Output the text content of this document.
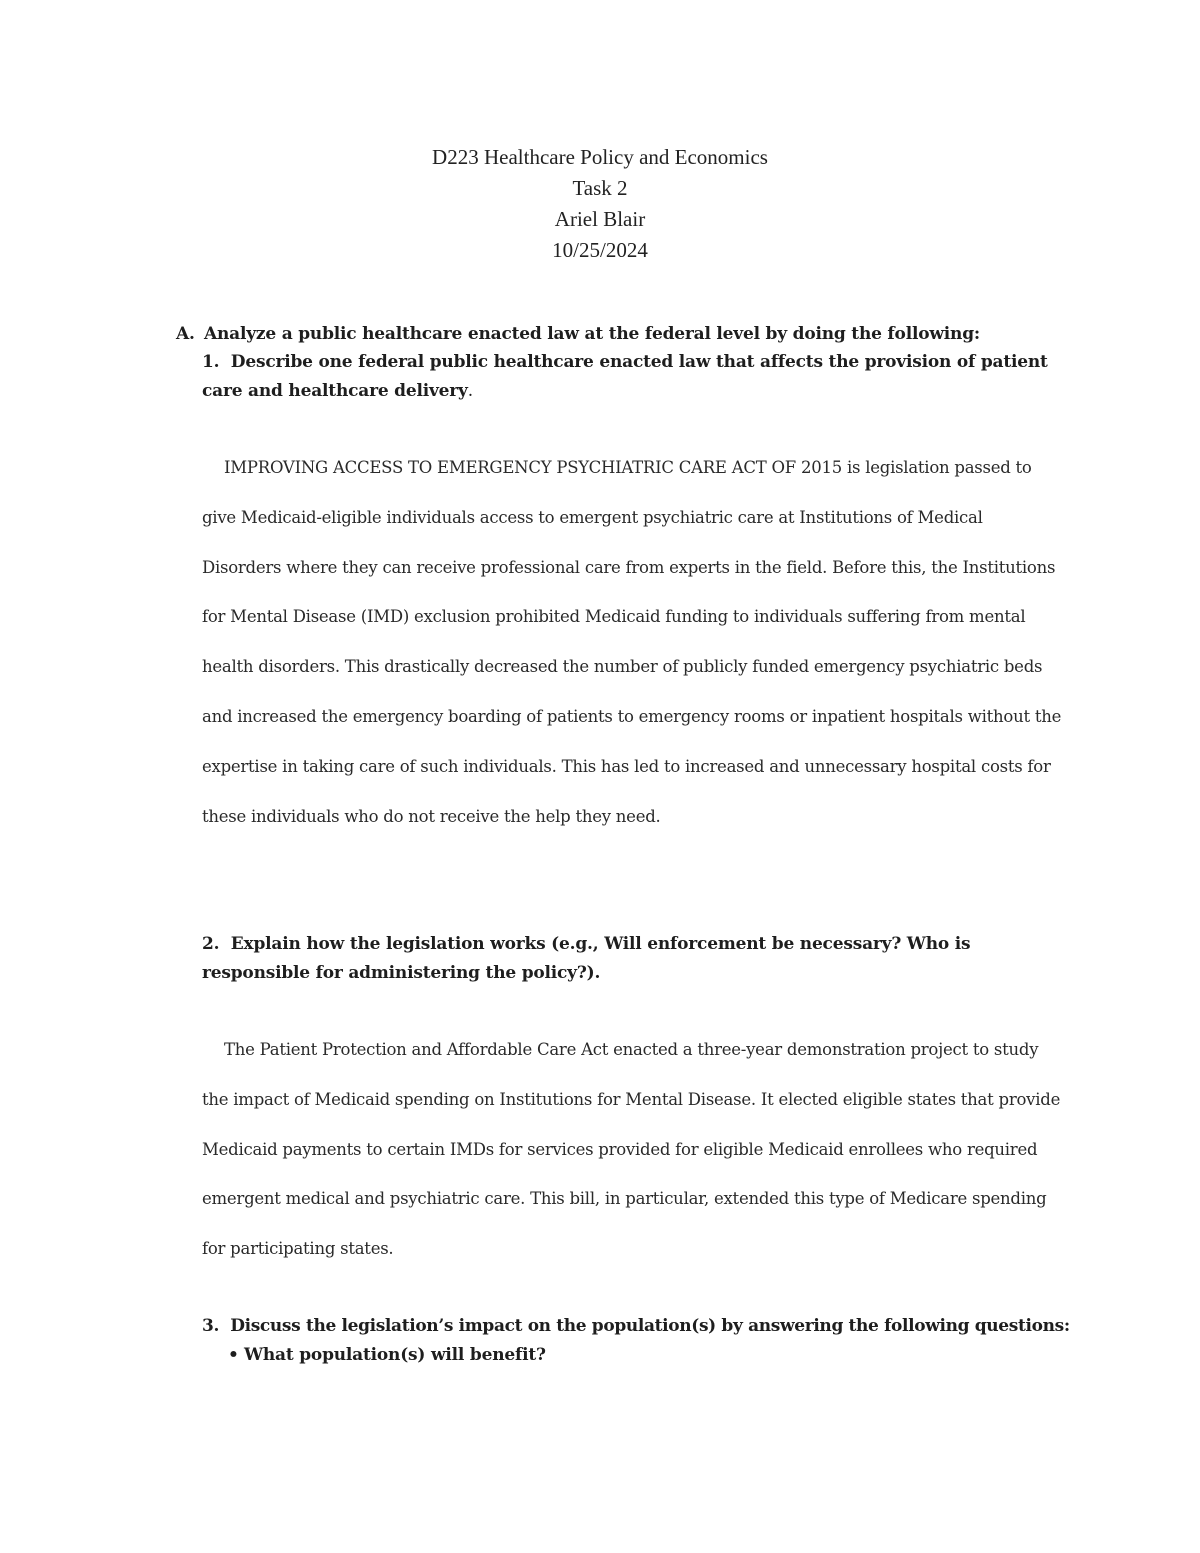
D223 Healthcare Policy and Economics
Task 2
Ariel Blair
10/25/2024
A. Analyze a public healthcare enacted law at the federal level by doing the following:
1. Describe one federal public healthcare enacted law that affects the provision of patient care and healthcare delivery.
IMPROVING ACCESS TO EMERGENCY PSYCHIATRIC CARE ACT OF 2015 is legislation passed to give Medicaid-eligible individuals access to emergent psychiatric care at Institutions of Medical Disorders where they can receive professional care from experts in the field. Before this, the Institutions for Mental Disease (IMD) exclusion prohibited Medicaid funding to individuals suffering from mental health disorders. This drastically decreased the number of publicly funded emergency psychiatric beds and increased the emergency boarding of patients to emergency rooms or inpatient hospitals without the expertise in taking care of such individuals. This has led to increased and unnecessary hospital costs for these individuals who do not receive the help they need.
2. Explain how the legislation works (e.g., Will enforcement be necessary? Who is responsible for administering the policy?).
The Patient Protection and Affordable Care Act enacted a three-year demonstration project to study the impact of Medicaid spending on Institutions for Mental Disease. It elected eligible states that provide Medicaid payments to certain IMDs for services provided for eligible Medicaid enrollees who required emergent medical and psychiatric care. This bill, in particular, extended this type of Medicare spending for participating states.
3. Discuss the legislation’s impact on the population(s) by answering the following questions:
• What population(s) will benefit?
